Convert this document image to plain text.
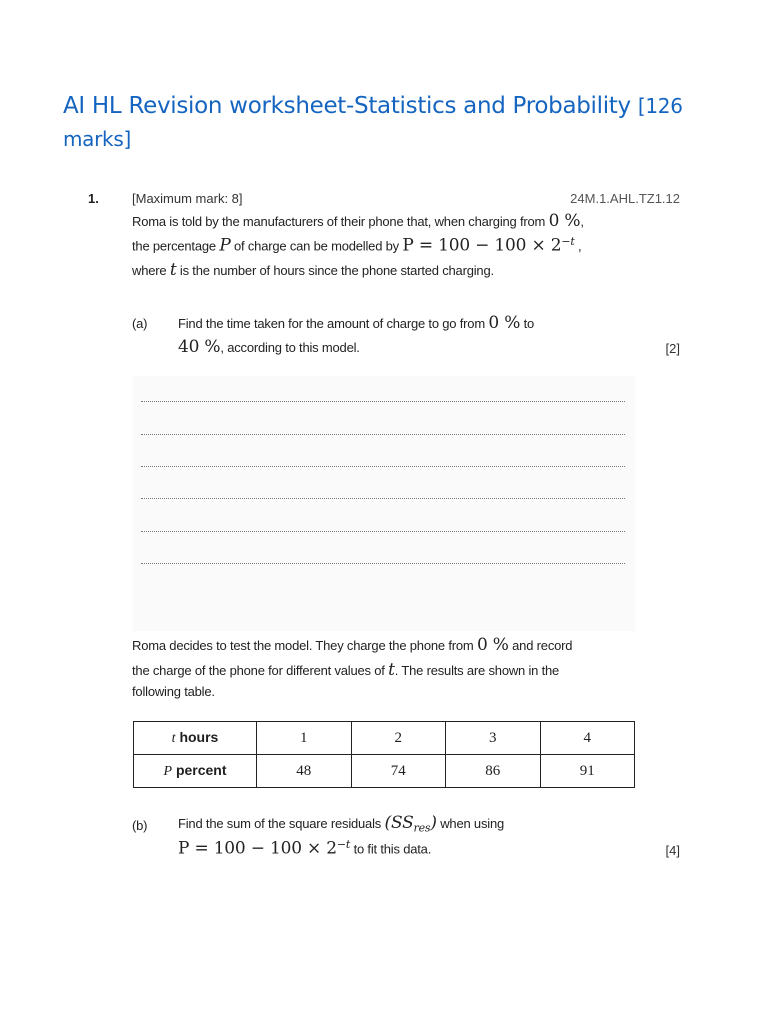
AI HL Revision worksheet-Statistics and Probability [126 marks]
1.	[Maximum mark: 8]	24M.1.AHL.TZ1.12
Roma is told by the manufacturers of their phone that, when charging from 0 %,
the percentage P of charge can be modelled by $P = 100 - 100 \times 2^{-t}$ ,
where t is the number of hours since the phone started charging.
(a) Find the time taken for the amount of charge to go from 0 % to
40 %, according to this model.	[2]
Roma decides to test the model. They charge the phone from 0 % and record
the charge of the phone for different values of t. The results are shown in the
following table.
t hours	1	2	3	4
P percent	48	74	86	91
(b) Find the sum of the square residuals $(SS_{res})$ when using
$P = 100 - 100 \times 2^{-t}$ to fit this data.	[4]
